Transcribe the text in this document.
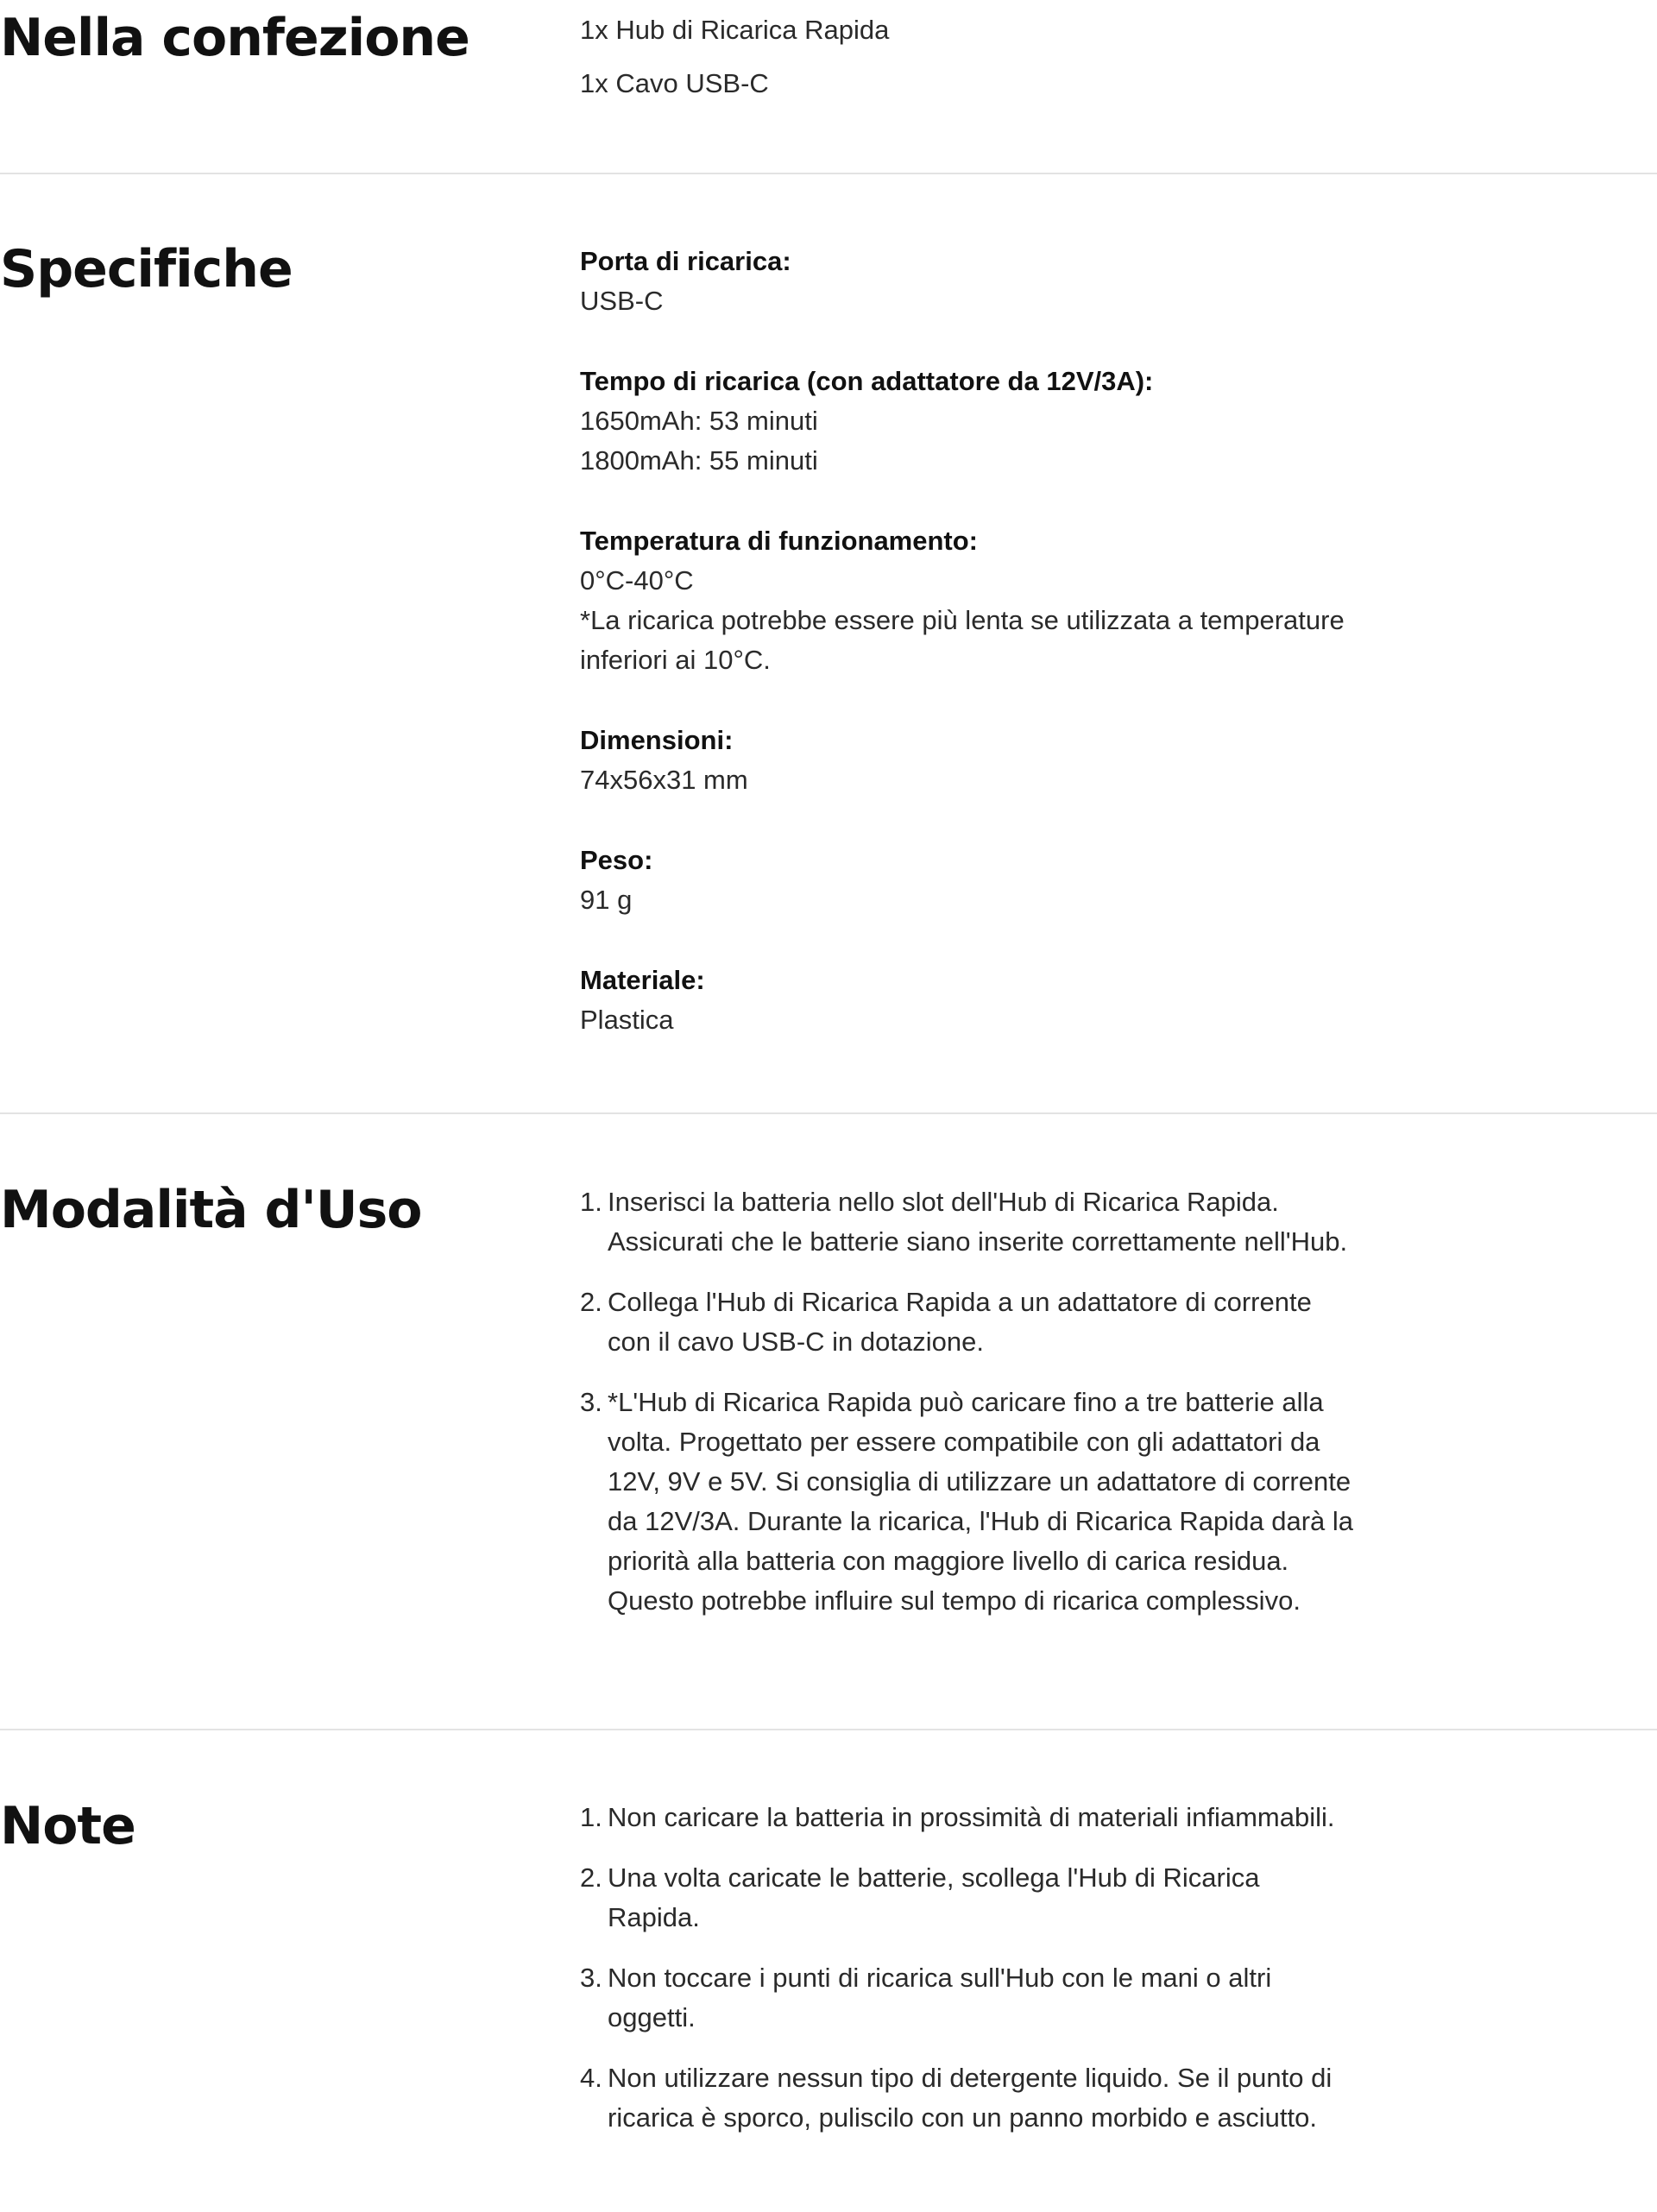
Nella confezione	1x Hub di Ricarica Rapida
1x Cavo USB-C
Specifiche	Porta di ricarica:
USB-C
Tempo di ricarica (con adattatore da 12V/3A):
1650mAh: 53 minuti
1800mAh: 55 minuti
Temperatura di funzionamento:
0°C-40°C
*La ricarica potrebbe essere più lenta se utilizzata a temperature inferiori ai 10°C.
Dimensioni:
74x56x31 mm
Peso:
91 g
Materiale:
Plastica
Modalità d'Uso	1. Inserisci la batteria nello slot dell'Hub di Ricarica Rapida. Assicurati che le batterie siano inserite correttamente nell'Hub.
2. Collega l'Hub di Ricarica Rapida a un adattatore di corrente con il cavo USB-C in dotazione.
3. *L'Hub di Ricarica Rapida può caricare fino a tre batterie alla volta. Progettato per essere compatibile con gli adattatori da 12V, 9V e 5V. Si consiglia di utilizzare un adattatore di corrente da 12V/3A. Durante la ricarica, l'Hub di Ricarica Rapida darà la priorità alla batteria con maggiore livello di carica residua. Questo potrebbe influire sul tempo di ricarica complessivo.
Note	1. Non caricare la batteria in prossimità di materiali infiammabili.
2. Una volta caricate le batterie, scollega l'Hub di Ricarica Rapida.
3. Non toccare i punti di ricarica sull'Hub con le mani o altri oggetti.
4. Non utilizzare nessun tipo di detergente liquido. Se il punto di ricarica è sporco, puliscilo con un panno morbido e asciutto.
